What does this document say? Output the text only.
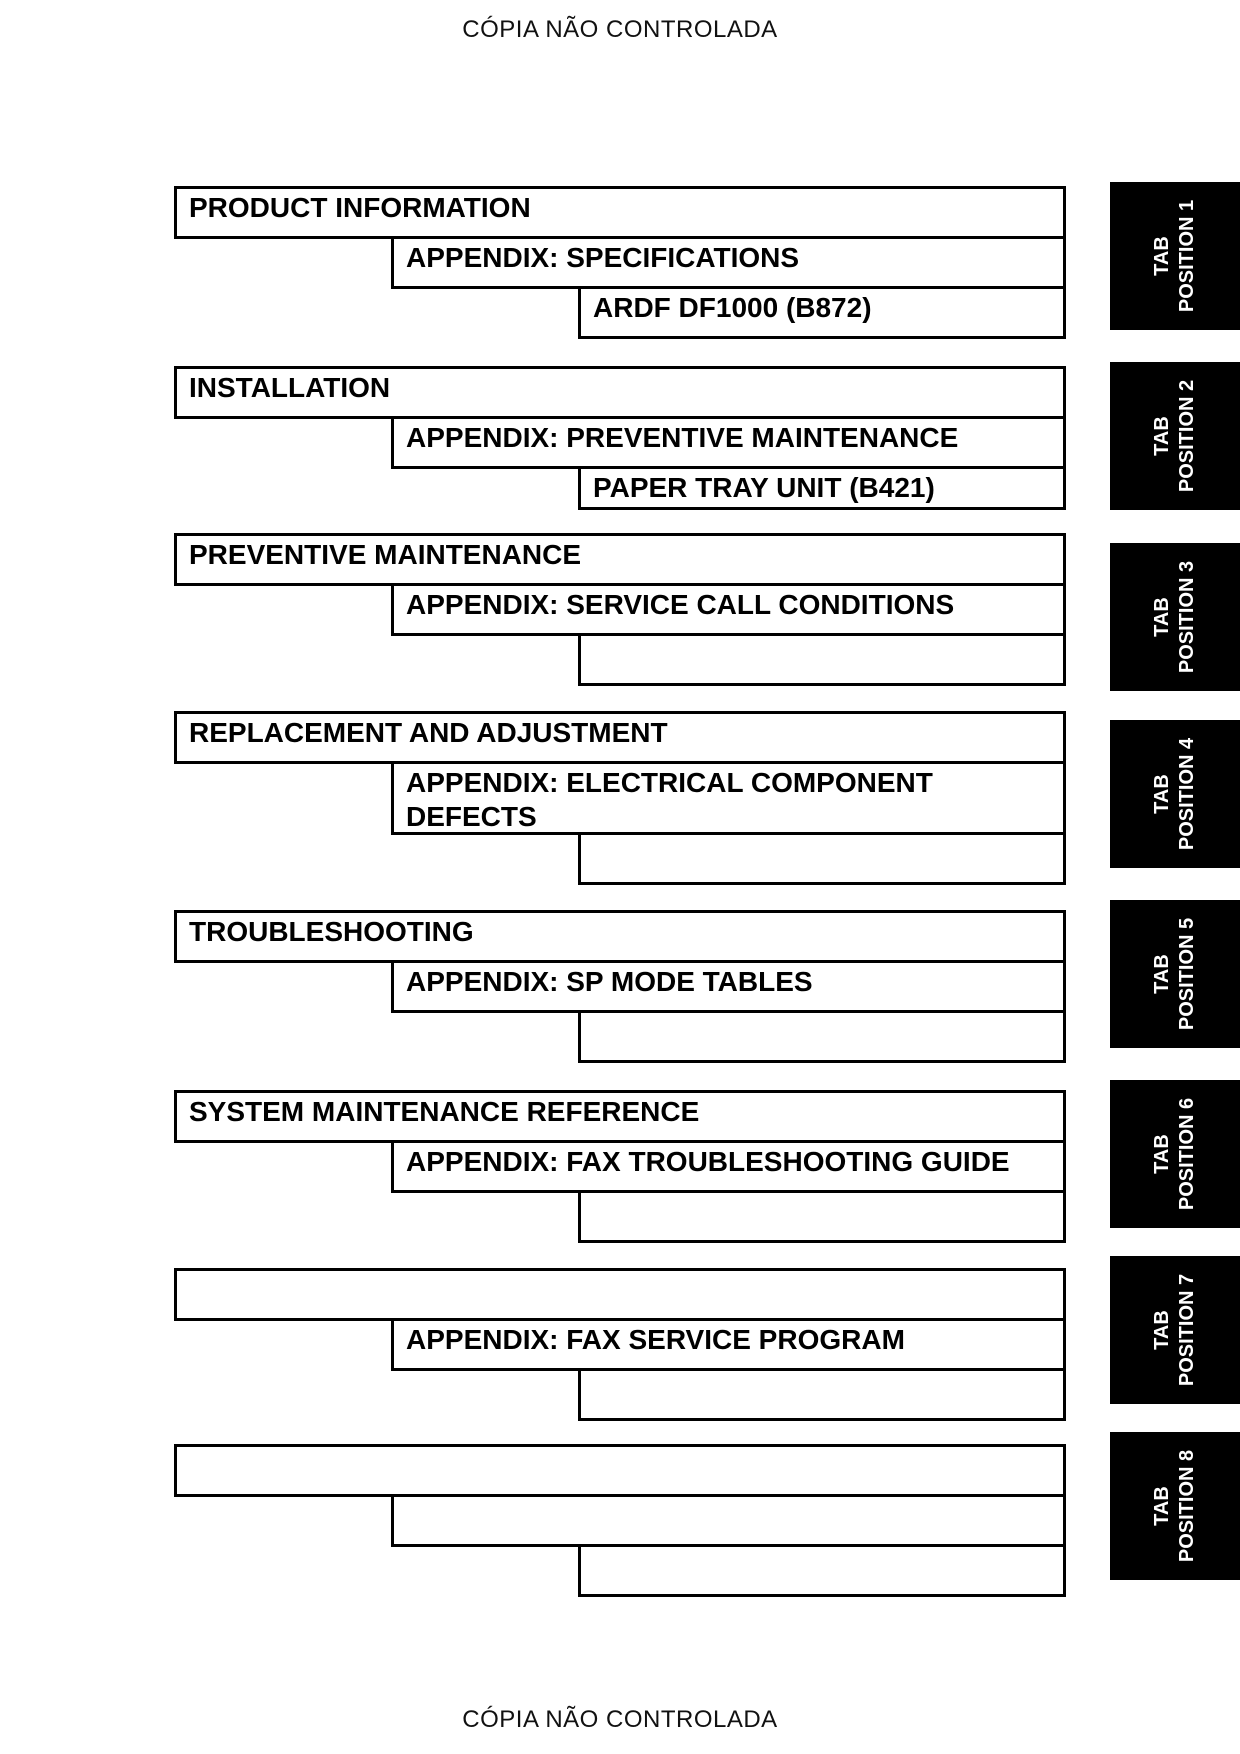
CÓPIA NÃO CONTROLADA
PRODUCT INFORMATION
APPENDIX: SPECIFICATIONS
ARDF DF1000 (B872)
INSTALLATION
APPENDIX: PREVENTIVE MAINTENANCE
PAPER TRAY UNIT (B421)
PREVENTIVE MAINTENANCE
APPENDIX: SERVICE CALL CONDITIONS
REPLACEMENT AND ADJUSTMENT
APPENDIX: ELECTRICAL COMPONENT
DEFECTS
TROUBLESHOOTING
APPENDIX: SP MODE TABLES
SYSTEM MAINTENANCE REFERENCE
APPENDIX: FAX TROUBLESHOOTING GUIDE
APPENDIX: FAX SERVICE PROGRAM
TAB POSITION 1
TAB POSITION 2
TAB POSITION 3
TAB POSITION 4
TAB POSITION 5
TAB POSITION 6
TAB POSITION 7
TAB POSITION 8
CÓPIA NÃO CONTROLADA
